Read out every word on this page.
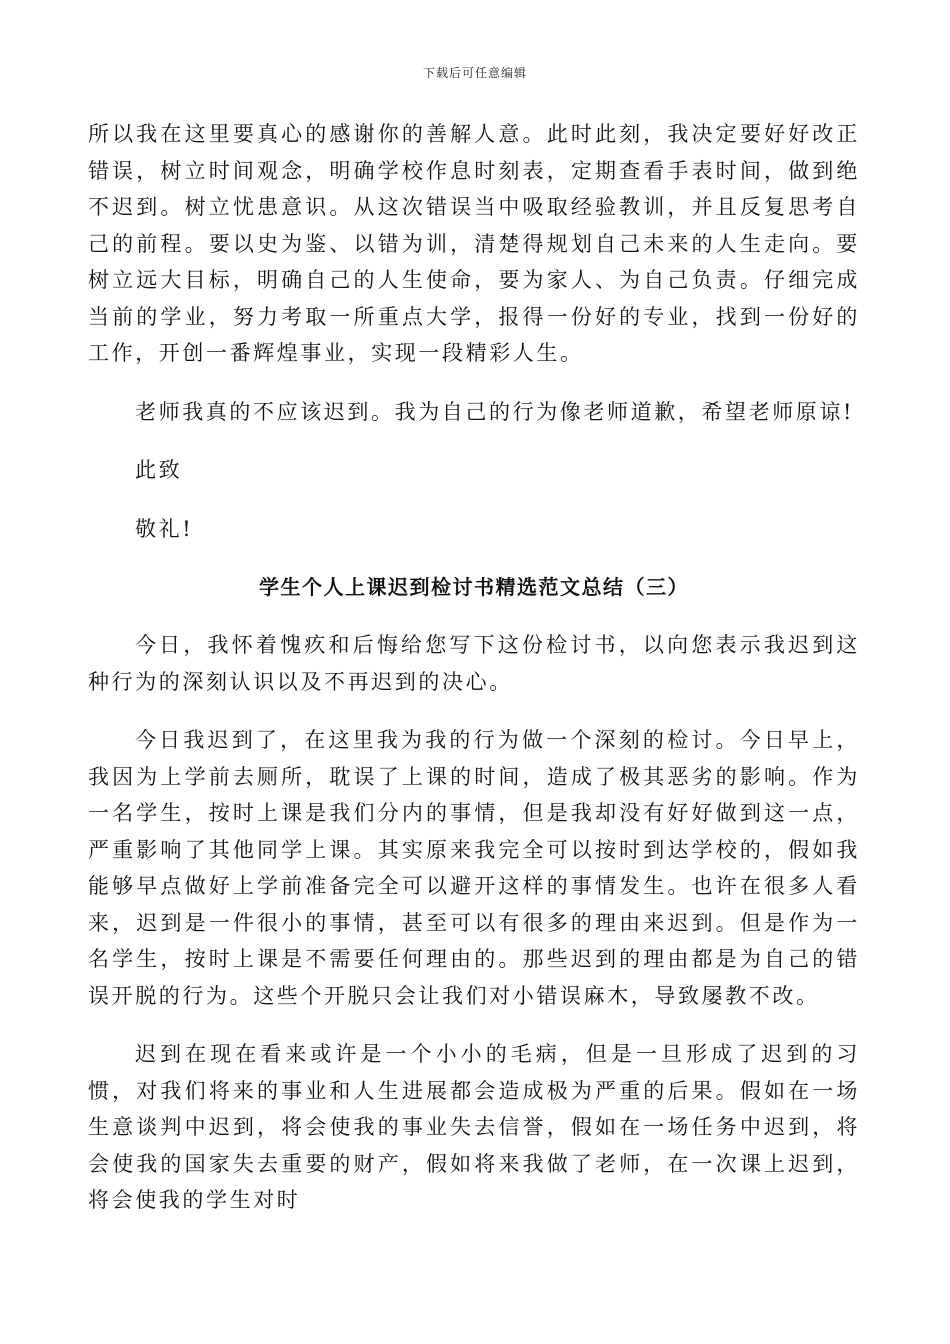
下载后可任意编辑

所以我在这里要真心的感谢你的善解人意。此时此刻，我决定要好好改正错误，树立时间观念，明确学校作息时刻表，定期查看手表时间，做到绝不迟到。树立忧患意识。从这次错误当中吸取经验教训，并且反复思考自己的前程。要以史为鉴、以错为训，清楚得规划自己未来的人生走向。要树立远大目标，明确自己的人生使命，要为家人、为自己负责。仔细完成当前的学业，努力考取一所重点大学，报得一份好的专业，找到一份好的工作，开创一番辉煌事业，实现一段精彩人生。

老师我真的不应该迟到。我为自己的行为像老师道歉，希望老师原谅!

此致

敬礼!

学生个人上课迟到检讨书精选范文总结（三）

今日，我怀着愧疚和后悔给您写下这份检讨书，以向您表示我迟到这种行为的深刻认识以及不再迟到的决心。

今日我迟到了，在这里我为我的行为做一个深刻的检讨。今日早上，我因为上学前去厕所，耽误了上课的时间，造成了极其恶劣的影响。作为一名学生，按时上课是我们分内的事情，但是我却没有好好做到这一点，严重影响了其他同学上课。其实原来我完全可以按时到达学校的，假如我能够早点做好上学前准备完全可以避开这样的事情发生。也许在很多人看来，迟到是一件很小的事情，甚至可以有很多的理由来迟到。但是作为一名学生，按时上课是不需要任何理由的。那些迟到的理由都是为自己的错误开脱的行为。这些个开脱只会让我们对小错误麻木，导致屡教不改。

迟到在现在看来或许是一个小小的毛病，但是一旦形成了迟到的习惯，对我们将来的事业和人生进展都会造成极为严重的后果。假如在一场生意谈判中迟到，将会使我的事业失去信誉，假如在一场任务中迟到，将会使我的国家失去重要的财产，假如将来我做了老师，在一次课上迟到，将会使我的学生对时
